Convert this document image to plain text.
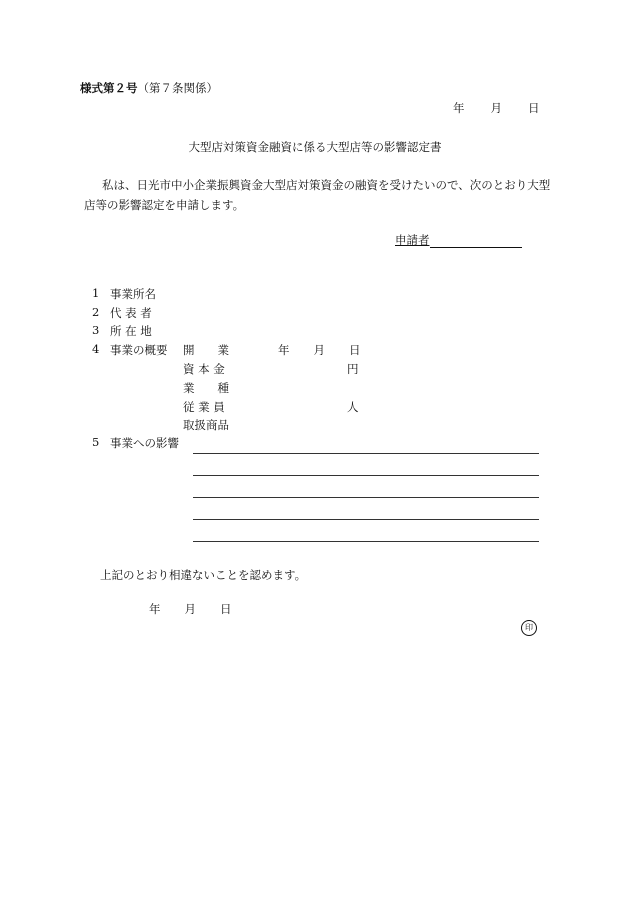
様式第２号（第７条関係）
年 月 日
大型店対策資金融資に係る大型店等の影響認定書
私は、日光市中小企業振興資金大型店対策資金の融資を受けたいので、次のとおり大型店等の影響認定を申請します。
申請者
1 事業所名
2 代 表 者
3 所 在 地
4 事業の概要 開　　業	年 月 日
資 本 金	円
業　　種
従 業 員	人
取扱商品
5 事業への影響
上記のとおり相違ないことを認めます。
年 月 日
印
